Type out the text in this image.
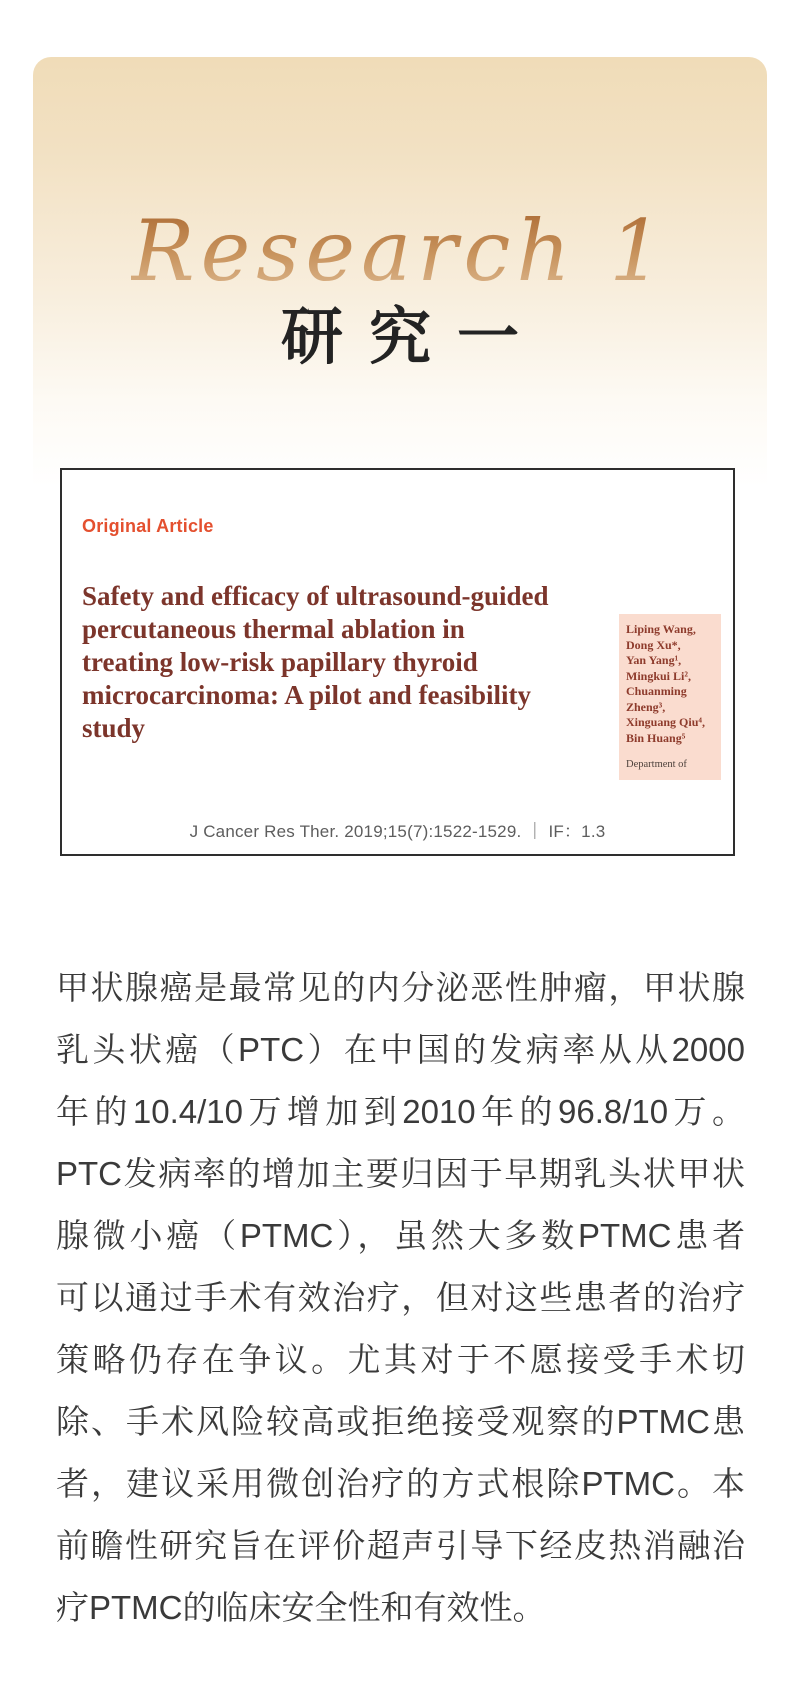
Research 1
研究一
Original Article
Safety and efficacy of ultrasound-guided
percutaneous thermal ablation in
treating low-risk papillary thyroid
microcarcinoma: A pilot and feasibility
study
Liping Wang,
Dong Xu*,
Yan Yang¹,
Mingkui Li²,
Chuanming Zheng³,
Xinguang Qiu⁴,
Bin Huang⁵
Department of
J Cancer Res Ther. 2019;15(7):1522-1529. ｜ IF：1.3
甲状腺癌是最常见的内分泌恶性肿瘤，甲状腺
乳头状癌（PTC）在中国的发病率从从2000
年的10.4/10万增加到2010年的96.8/10万。
PTC发病率的增加主要归因于早期乳头状甲状
腺微小癌（PTMC），虽然大多数PTMC患者
可以通过手术有效治疗，但对这些患者的治疗
策略仍存在争议。尤其对于不愿接受手术切
除、手术风险较高或拒绝接受观察的PTMC患
者，建议采用微创治疗的方式根除PTMC。本
前瞻性研究旨在评价超声引导下经皮热消融治
疗PTMC的临床安全性和有效性。
